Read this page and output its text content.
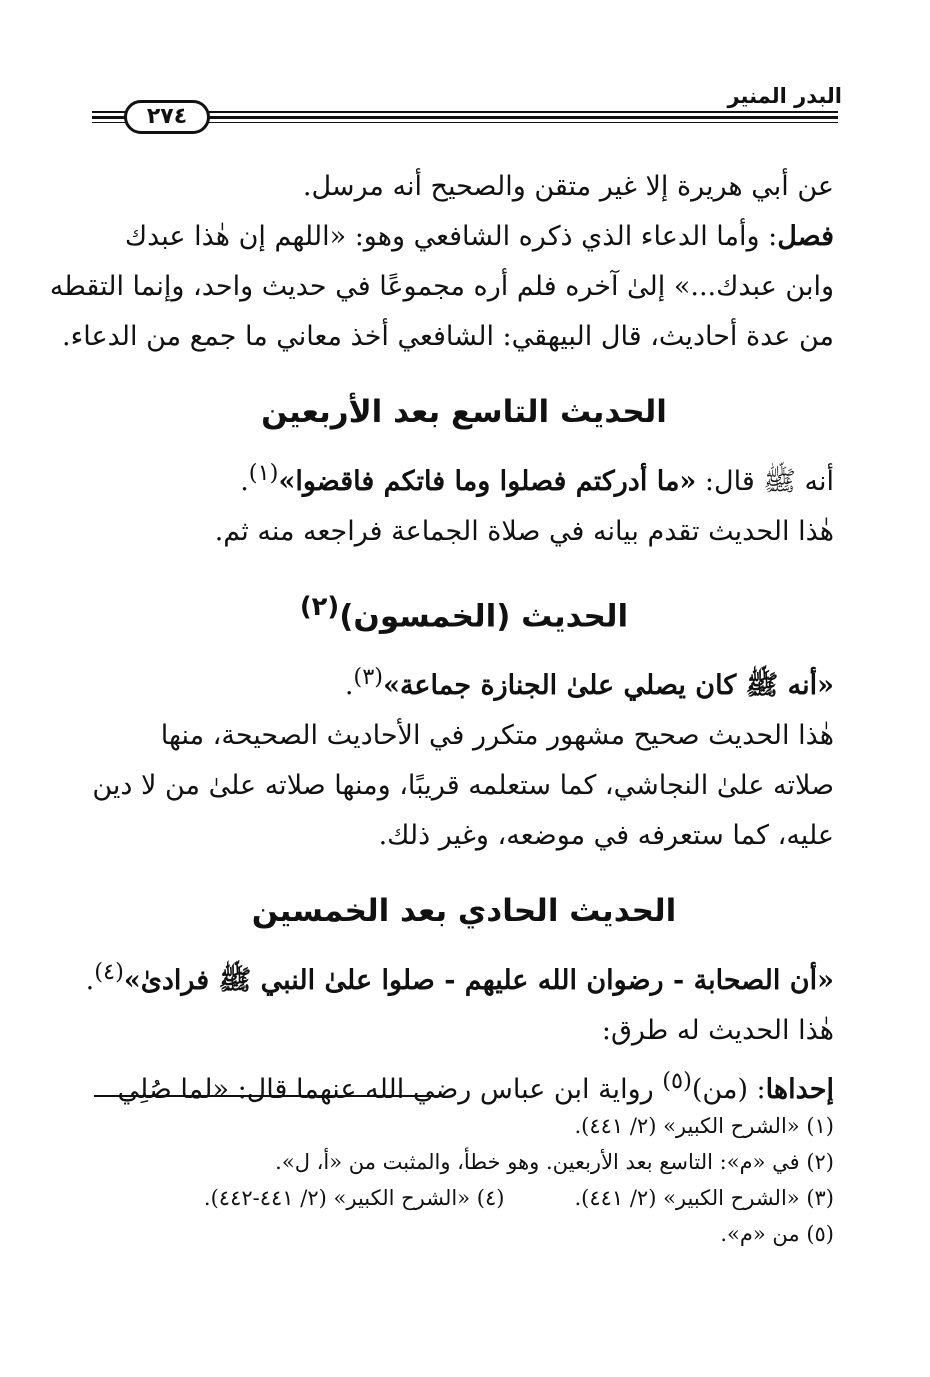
البدر المنير
٢٧٤

عن أبي هريرة إلا غير متقن والصحيح أنه مرسل.
فصل: وأما الدعاء الذي ذكره الشافعي وهو: «اللهم إن هٰذا عبدك
وابن عبدك...» إلىٰ آخره فلم أره مجموعًا في حديث واحد، وإنما التقطه
من عدة أحاديث، قال البيهقي: الشافعي أخذ معاني ما جمع من الدعاء.

الحديث التاسع بعد الأربعين

أنه ﷺ قال: «ما أدركتم فصلوا وما فاتكم فاقضوا»$^{(١)}$.
هٰذا الحديث تقدم بيانه في صلاة الجماعة فراجعه منه ثم.

الحديث (الخمسون)$^{(٢)}$

«أنه ﷺ كان يصلي علىٰ الجنازة جماعة»$^{(٣)}$.
هٰذا الحديث صحيح مشهور متكرر في الأحاديث الصحيحة، منها
صلاته علىٰ النجاشي، كما ستعلمه قريبًا، ومنها صلاته علىٰ من لا دين
عليه، كما ستعرفه في موضعه، وغير ذلك.

الحديث الحادي بعد الخمسين

«أن الصحابة - رضوان الله عليهم - صلوا علىٰ النبي ﷺ فرادىٰ»$^{(٤)}$.
هٰذا الحديث له طرق:
إحداها: (من)$^{(٥)}$ رواية ابن عباس رضي الله عنهما قال: «لما صُلِي

(١) «الشرح الكبير» (٢/ ٤٤١).
(٢) في «م»: التاسع بعد الأربعين. وهو خطأ، والمثبت من «أ، ل».
(٣) «الشرح الكبير» (٢/ ٤٤١).
(٤) «الشرح الكبير» (٢/ ٤٤١-٤٤٢).
(٥) من «م».
